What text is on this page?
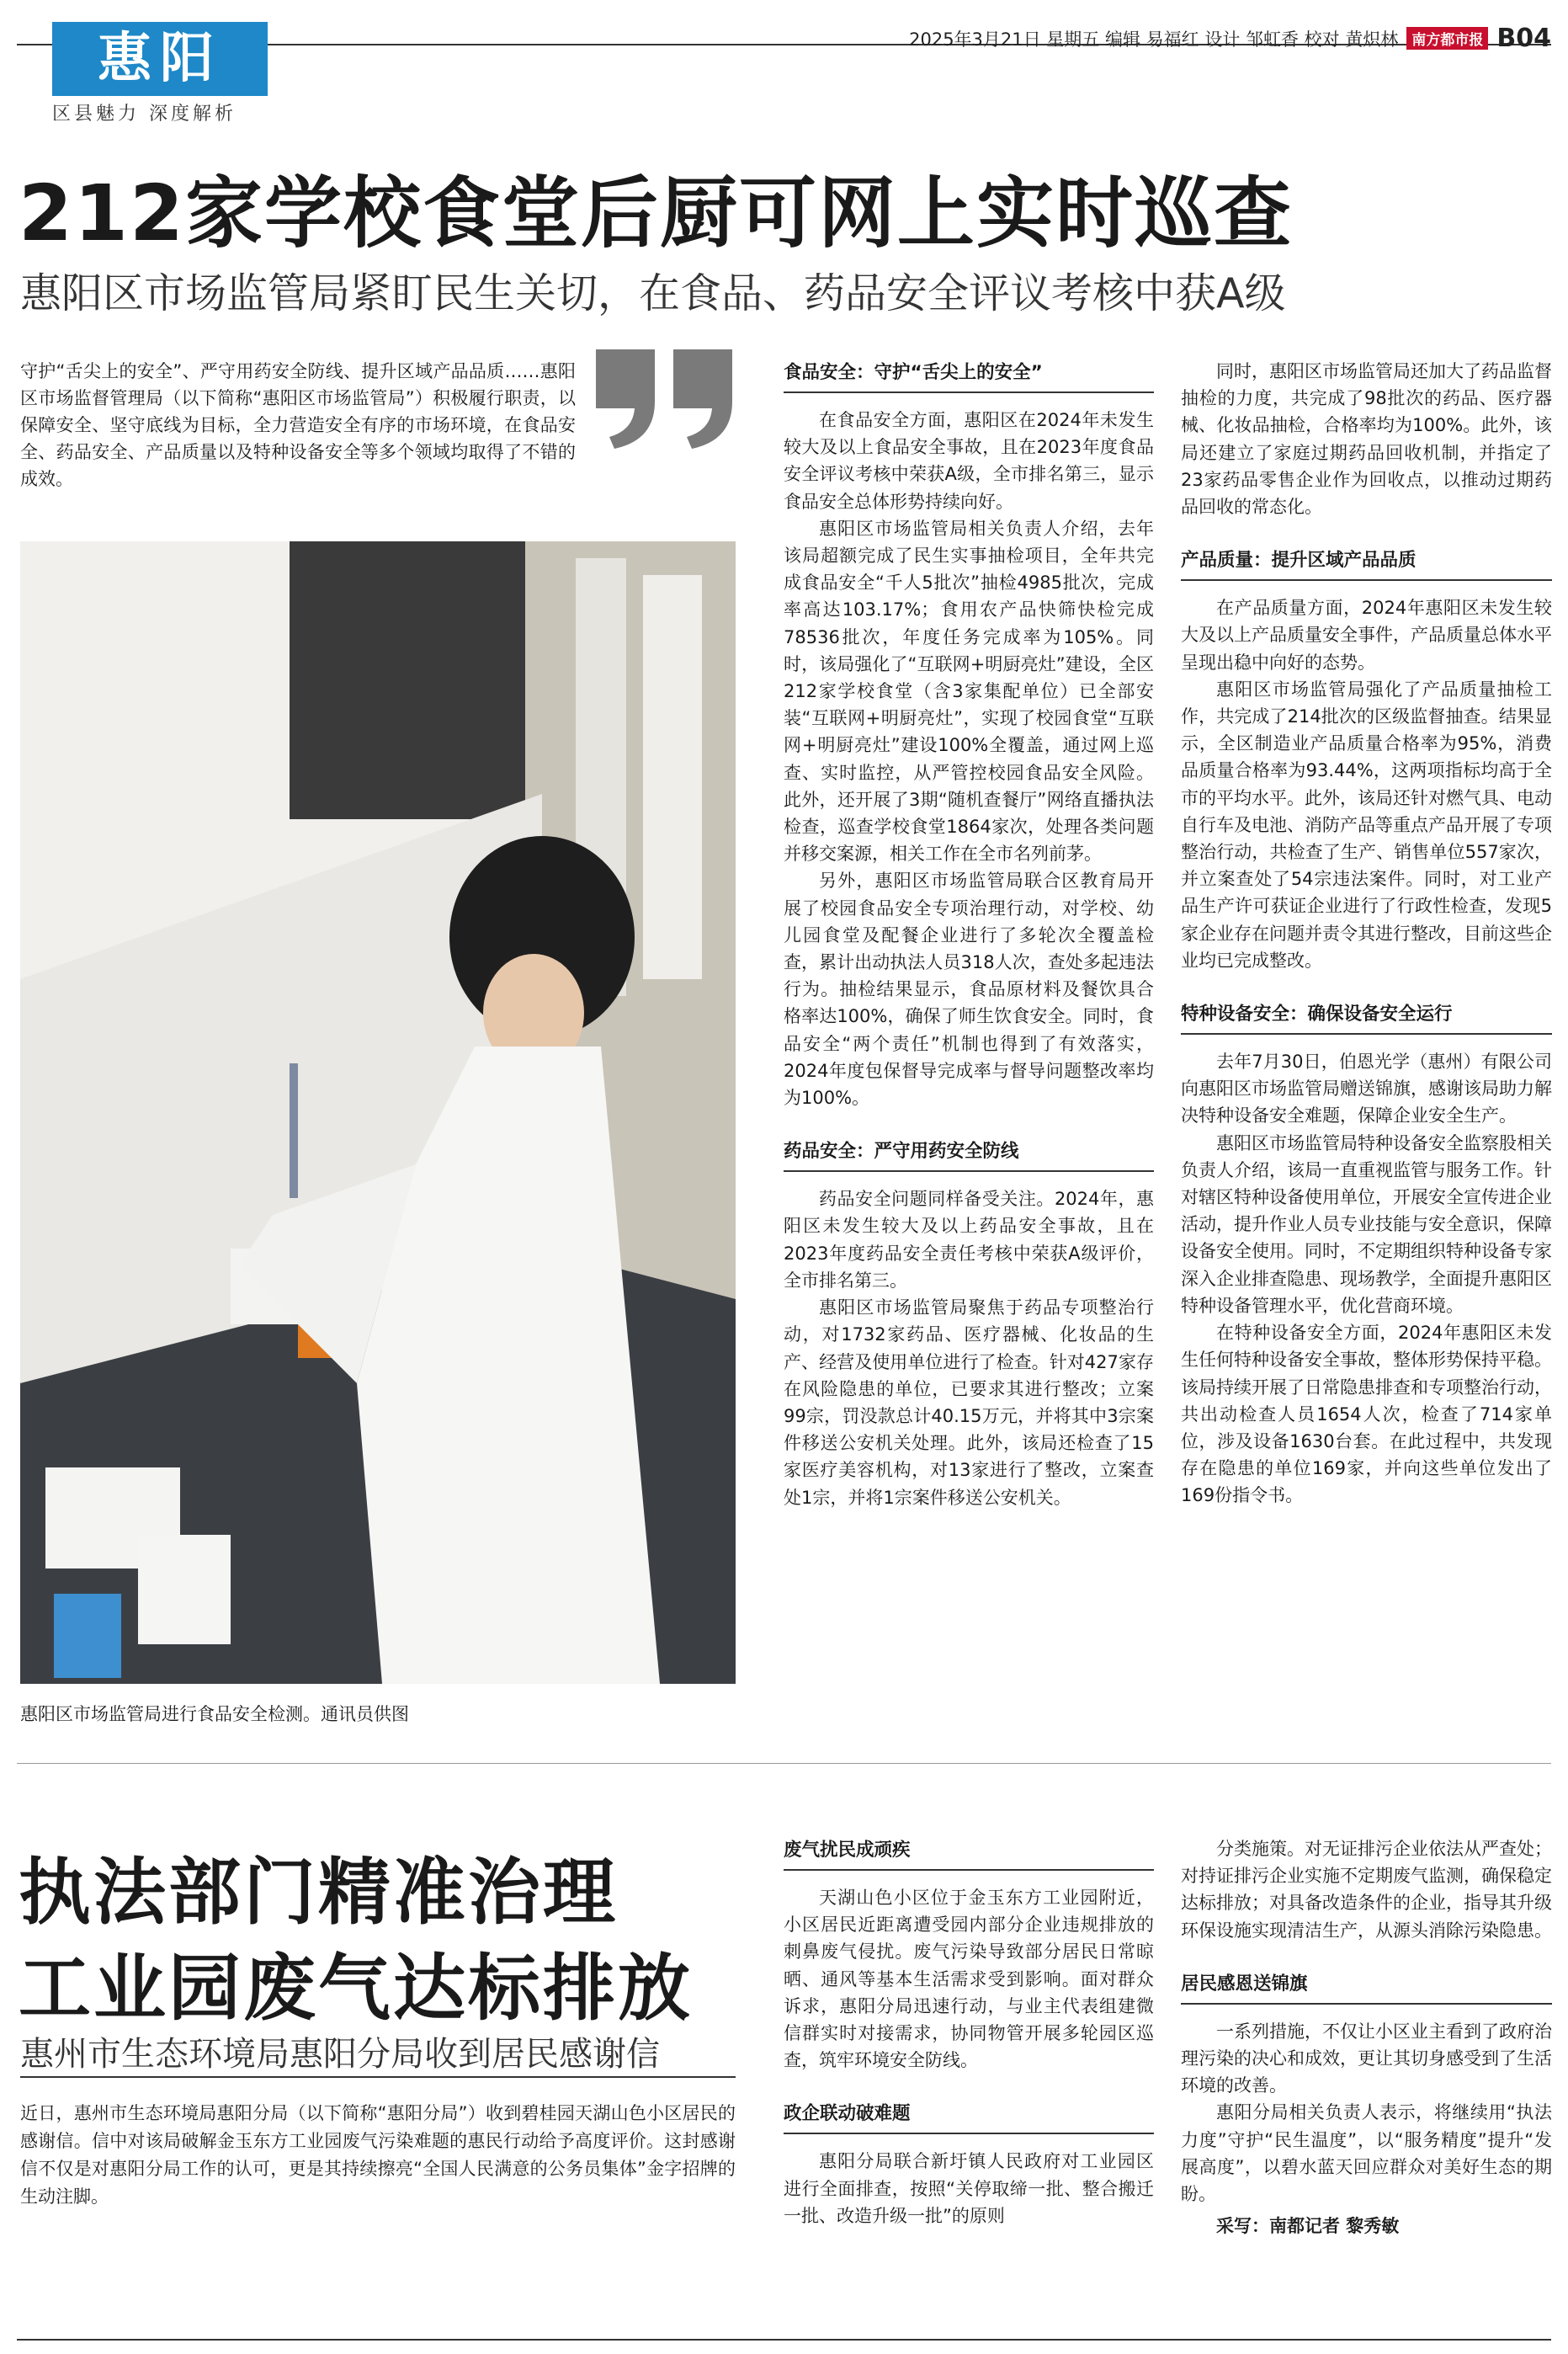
惠阳
区县魅力 深度解析
2025年3月21日 星期五 编辑 易福红 设计 邹虹香 校对 黄炽林 南方都市报 B04
212家学校食堂后厨可网上实时巡查
惠阳区市场监管局紧盯民生关切，在食品、药品安全评议考核中获A级
守护“舌尖上的安全”、严守用药安全防线、提升区域产品品质……惠阳区市场监督管理局（以下简称“惠阳区市场监管局”）积极履行职责，以保障安全、坚守底线为目标，全力营造安全有序的市场环境，在食品安全、药品安全、产品质量以及特种设备安全等多个领域均取得了不错的成效。
惠阳区市场监管局进行食品安全检测。通讯员供图
食品安全：守护“舌尖上的安全”

在食品安全方面，惠阳区在2024年未发生较大及以上食品安全事故，且在2023年度食品安全评议考核中荣获A级，全市排名第三，显示食品安全总体形势持续向好。

惠阳区市场监管局相关负责人介绍，去年该局超额完成了民生实事抽检项目，全年共完成食品安全“千人5批次”抽检4985批次，完成率高达103.17%；食用农产品快筛快检完成78536批次，年度任务完成率为105%。同时，该局强化了“互联网+明厨亮灶”建设，全区212家学校食堂（含3家集配单位）已全部安装“互联网+明厨亮灶”，实现了校园食堂“互联网+明厨亮灶”建设100%全覆盖，通过网上巡查、实时监控，从严管控校园食品安全风险。此外，还开展了3期“随机查餐厅”网络直播执法检查，巡查学校食堂1864家次，处理各类问题并移交案源，相关工作在全市名列前茅。

另外，惠阳区市场监管局联合区教育局开展了校园食品安全专项治理行动，对学校、幼儿园食堂及配餐企业进行了多轮次全覆盖检查，累计出动执法人员318人次，查处多起违法行为。抽检结果显示，食品原材料及餐饮具合格率达100%，确保了师生饮食安全。同时，食品安全“两个责任”机制也得到了有效落实，2024年度包保督导完成率与督导问题整改率均为100%。

药品安全：严守用药安全防线

药品安全问题同样备受关注。2024年，惠阳区未发生较大及以上药品安全事故，且在2023年度药品安全责任考核中荣获A级评价，全市排名第三。

惠阳区市场监管局聚焦于药品专项整治行动，对1732家药品、医疗器械、化妆品的生产、经营及使用单位进行了检查。针对427家存在风险隐患的单位，已要求其进行整改；立案99宗，罚没款总计40.15万元，并将其中3宗案件移送公安机关处理。此外，该局还检查了15家医疗美容机构，对13家进行了整改，立案查处1宗，并将1宗案件移送公安机关。

同时，惠阳区市场监管局还加大了药品监督抽检的力度，共完成了98批次的药品、医疗器械、化妆品抽检，合格率均为100%。此外，该局还建立了家庭过期药品回收机制，并指定了23家药品零售企业作为回收点，以推动过期药品回收的常态化。

产品质量：提升区域产品品质

在产品质量方面，2024年惠阳区未发生较大及以上产品质量安全事件，产品质量总体水平呈现出稳中向好的态势。

惠阳区市场监管局强化了产品质量抽检工作，共完成了214批次的区级监督抽查。结果显示，全区制造业产品质量合格率为95%，消费品质量合格率为93.44%，这两项指标均高于全市的平均水平。此外，该局还针对燃气具、电动自行车及电池、消防产品等重点产品开展了专项整治行动，共检查了生产、销售单位557家次，并立案查处了54宗违法案件。同时，对工业产品生产许可获证企业进行了行政性检查，发现5家企业存在问题并责令其进行整改，目前这些企业均已完成整改。

特种设备安全：确保设备安全运行

去年7月30日，伯恩光学（惠州）有限公司向惠阳区市场监管局赠送锦旗，感谢该局助力解决特种设备安全难题，保障企业安全生产。

惠阳区市场监管局特种设备安全监察股相关负责人介绍，该局一直重视监管与服务工作。针对辖区特种设备使用单位，开展安全宣传进企业活动，提升作业人员专业技能与安全意识，保障设备安全使用。同时，不定期组织特种设备专家深入企业排查隐患、现场教学，全面提升惠阳区特种设备管理水平，优化营商环境。

在特种设备安全方面，2024年惠阳区未发生任何特种设备安全事故，整体形势保持平稳。该局持续开展了日常隐患排查和专项整治行动，共出动检查人员1654人次，检查了714家单位，涉及设备1630台套。在此过程中，共发现存在隐患的单位169家，并向这些单位发出了169份指令书。

执法部门精准治理
工业园废气达标排放
惠州市生态环境局惠阳分局收到居民感谢信
近日，惠州市生态环境局惠阳分局（以下简称“惠阳分局”）收到碧桂园天湖山色小区居民的感谢信。信中对该局破解金玉东方工业园废气污染难题的惠民行动给予高度评价。这封感谢信不仅是对惠阳分局工作的认可，更是其持续擦亮“全国人民满意的公务员集体”金字招牌的生动注脚。
废气扰民成顽疾

天湖山色小区位于金玉东方工业园附近，小区居民近距离遭受园内部分企业违规排放的刺鼻废气侵扰。废气污染导致部分居民日常晾晒、通风等基本生活需求受到影响。面对群众诉求，惠阳分局迅速行动，与业主代表组建微信群实时对接需求，协同物管开展多轮园区巡查，筑牢环境安全防线。

政企联动破难题

惠阳分局联合新圩镇人民政府对工业园区进行全面排查，按照“关停取缔一批、整合搬迁一批、改造升级一批”的原则

分类施策。对无证排污企业依法从严查处；对持证排污企业实施不定期废气监测，确保稳定达标排放；对具备改造条件的企业，指导其升级环保设施实现清洁生产，从源头消除污染隐患。

居民感恩送锦旗

一系列措施，不仅让小区业主看到了政府治理污染的决心和成效，更让其切身感受到了生活环境的改善。

惠阳分局相关负责人表示，将继续用“执法力度”守护“民生温度”，以“服务精度”提升“发展高度”，以碧水蓝天回应群众对美好生态的期盼。

采写：南都记者 黎秀敏
